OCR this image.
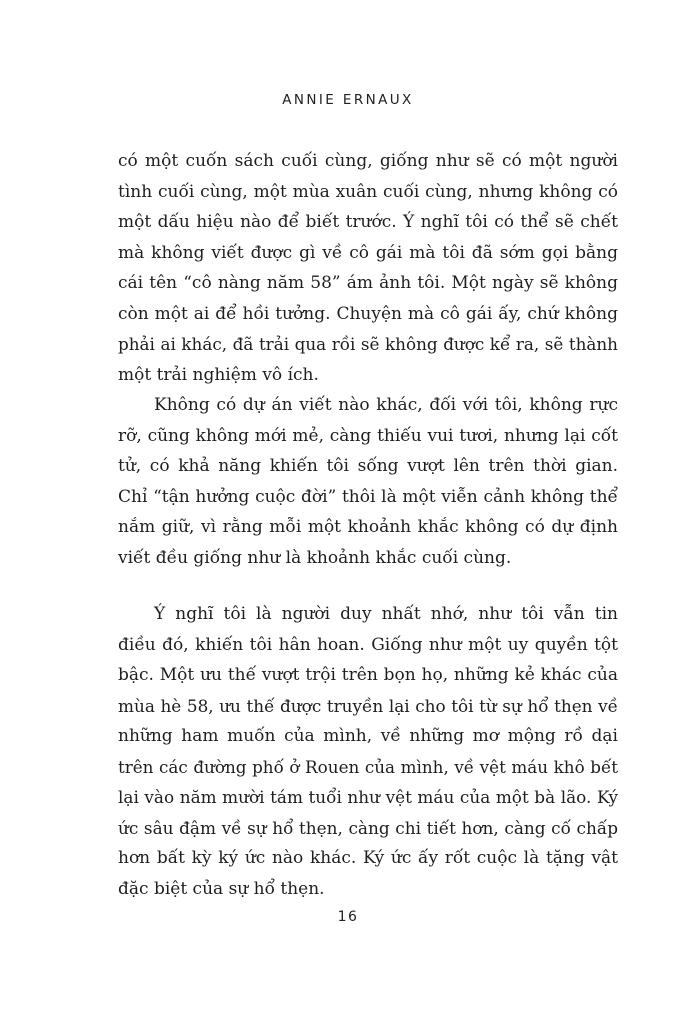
ANNIE ERNAUX
có một cuốn sách cuối cùng, giống như sẽ có một người
tình cuối cùng, một mùa xuân cuối cùng, nhưng không có
một dấu hiệu nào để biết trước. Ý nghĩ tôi có thể sẽ chết
mà không viết được gì về cô gái mà tôi đã sớm gọi bằng
cái tên “cô nàng năm 58” ám ảnh tôi. Một ngày sẽ không
còn một ai để hồi tưởng. Chuyện mà cô gái ấy, chứ không
phải ai khác, đã trải qua rồi sẽ không được kể ra, sẽ thành
một trải nghiệm vô ích.
Không có dự án viết nào khác, đối với tôi, không rực
rỡ, cũng không mới mẻ, càng thiếu vui tươi, nhưng lại cốt
tử, có khả năng khiến tôi sống vượt lên trên thời gian.
Chỉ “tận hưởng cuộc đời” thôi là một viễn cảnh không thể
nắm giữ, vì rằng mỗi một khoảnh khắc không có dự định
viết đều giống như là khoảnh khắc cuối cùng.
Ý nghĩ tôi là người duy nhất nhớ, như tôi vẫn tin
điều đó, khiến tôi hân hoan. Giống như một uy quyền tột
bậc. Một ưu thế vượt trội trên bọn họ, những kẻ khác của
mùa hè 58, ưu thế được truyền lại cho tôi từ sự hổ thẹn về
những ham muốn của mình, về những mơ mộng rồ dại
trên các đường phố ở Rouen của mình, về vệt máu khô bết
lại vào năm mười tám tuổi như vệt máu của một bà lão. Ký
ức sâu đậm về sự hổ thẹn, càng chi tiết hơn, càng cố chấp
hơn bất kỳ ký ức nào khác. Ký ức ấy rốt cuộc là tặng vật
đặc biệt của sự hổ thẹn.
16
